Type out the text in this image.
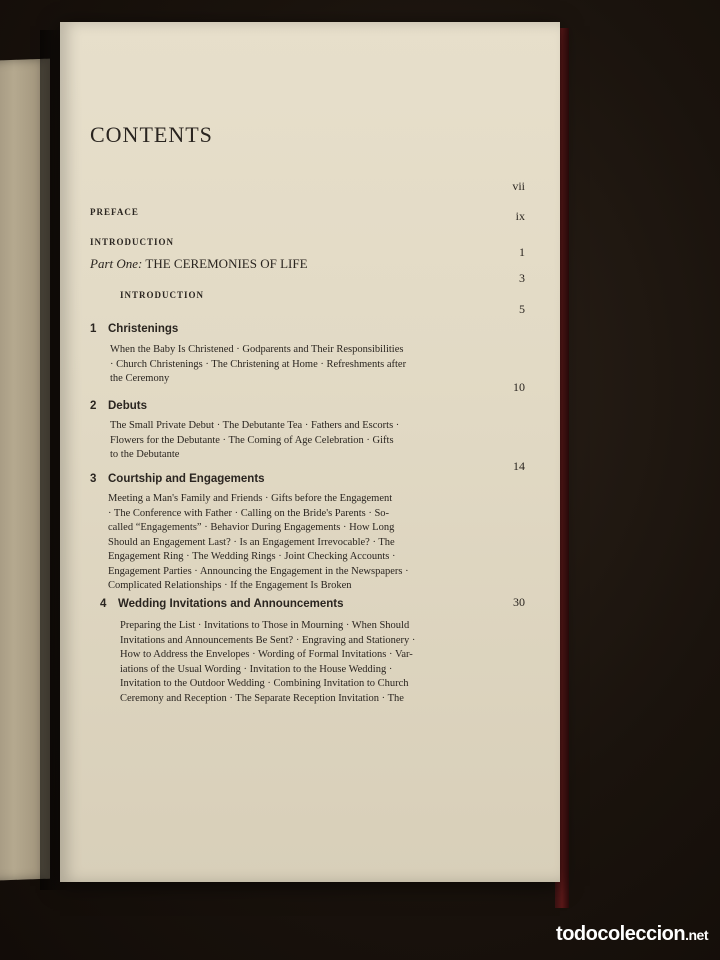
CONTENTS
vii
PREFACE	ix
INTRODUCTION
1
Part One: THE CEREMONIES OF LIFE
3
INTRODUCTION
5
1 Christenings
When the Baby Is Christened · Godparents and Their Responsibilities
· Church Christenings · The Christening at Home · Refreshments after
the Ceremony
10
2 Debuts
The Small Private Debut · The Debutante Tea · Fathers and Escorts ·
Flowers for the Debutante · The Coming of Age Celebration · Gifts
to the Debutante
14
3 Courtship and Engagements
Meeting a Man's Family and Friends · Gifts before the Engagement
· The Conference with Father · Calling on the Bride's Parents · So-
called “Engagements” · Behavior During Engagements · How Long
Should an Engagement Last? · Is an Engagement Irrevocable? · The
Engagement Ring · The Wedding Rings · Joint Checking Accounts ·
Engagement Parties · Announcing the Engagement in the Newspapers ·
Complicated Relationships · If the Engagement Is Broken
30
4 Wedding Invitations and Announcements
Preparing the List · Invitations to Those in Mourning · When Should
Invitations and Announcements Be Sent? · Engraving and Stationery ·
How to Address the Envelopes · Wording of Formal Invitations · Var-
iations of the Usual Wording · Invitation to the House Wedding ·
Invitation to the Outdoor Wedding · Combining Invitation to Church
Ceremony and Reception · The Separate Reception Invitation · The
todocoleccion.net
